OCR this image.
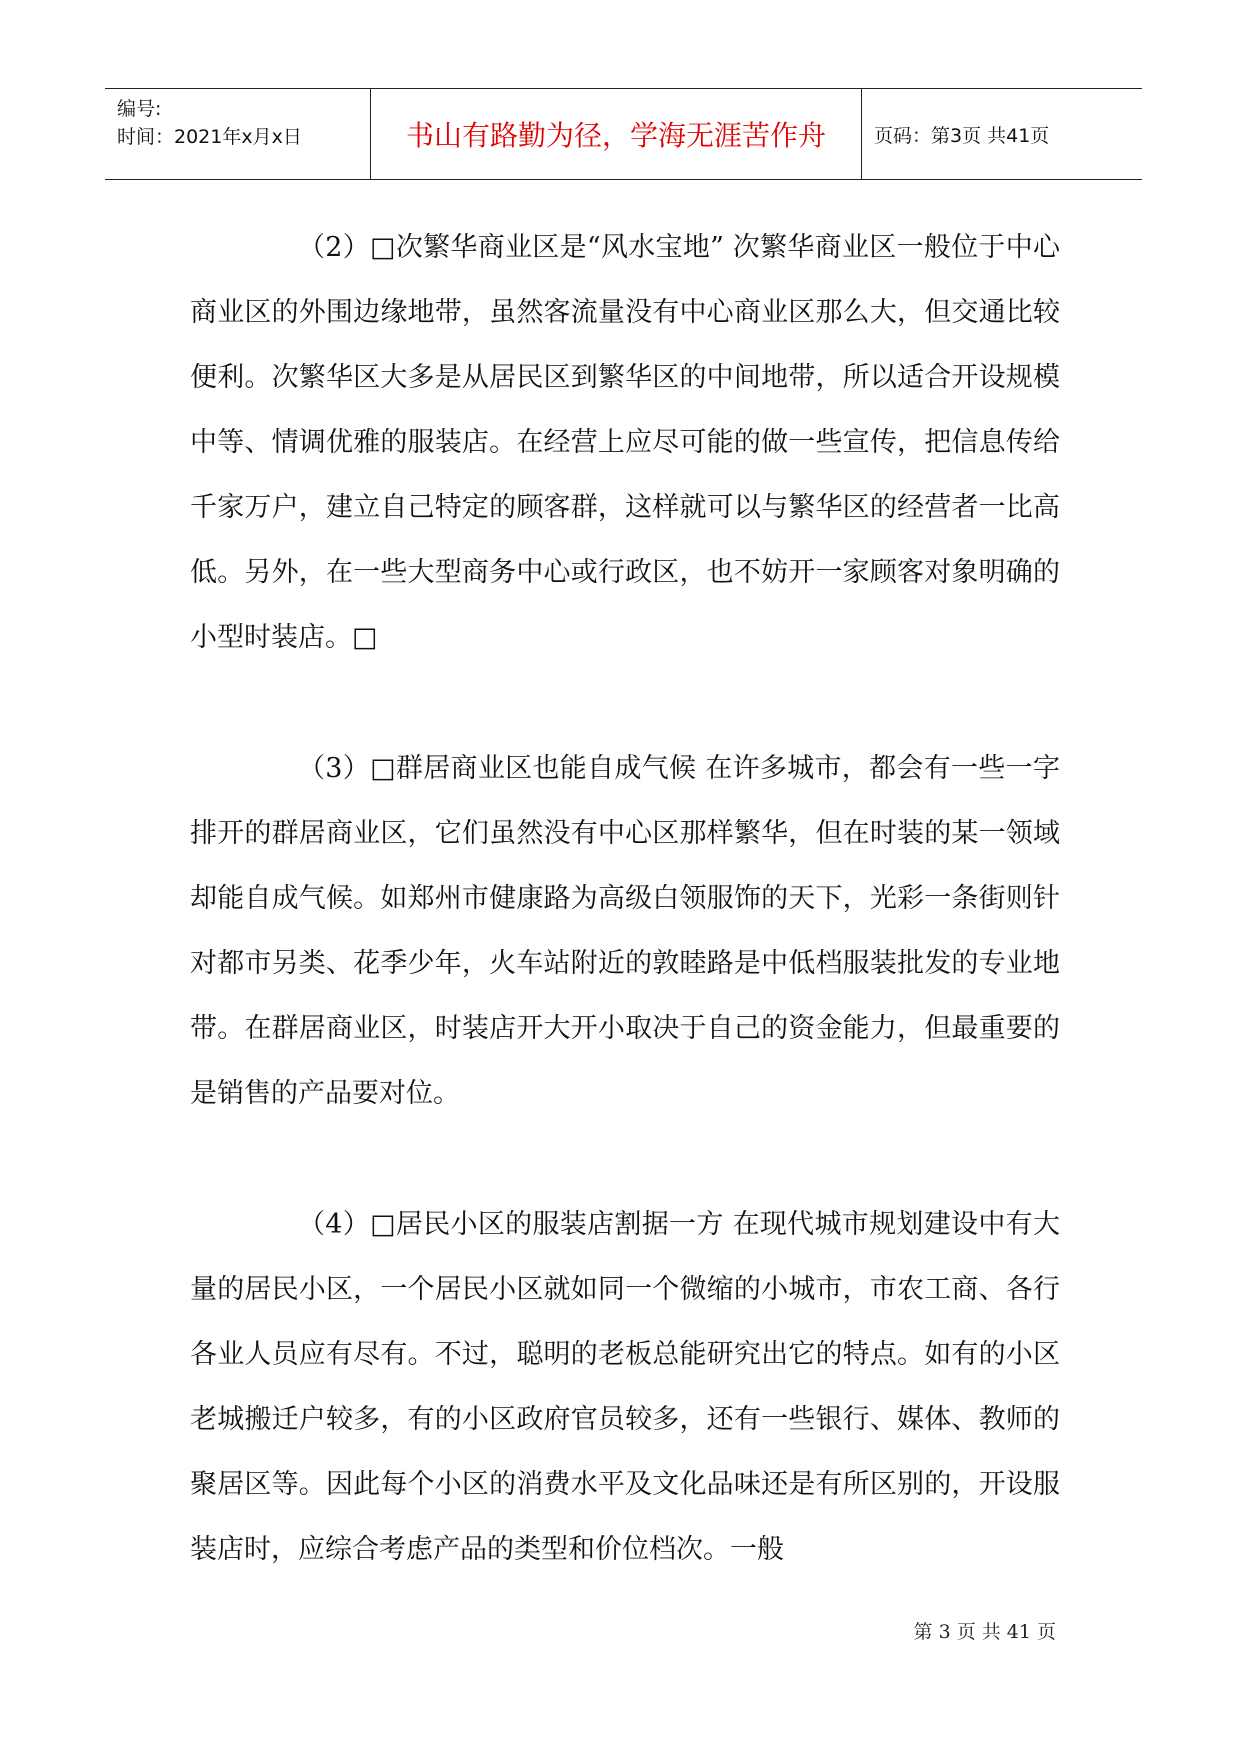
编号:
时间：2021年x月x日	书山有路勤为径，学海无涯苦作舟	页码：第3页 共41页

（2）□次繁华商业区是“风水宝地” 次繁华商业区一般位于中心商业区的外围边缘地带，虽然客流量没有中心商业区那么大，但交通比较便利。次繁华区大多是从居民区到繁华区的中间地带，所以适合开设规模中等、情调优雅的服装店。在经营上应尽可能的做一些宣传，把信息传给千家万户，建立自己特定的顾客群，这样就可以与繁华区的经营者一比高低。另外，在一些大型商务中心或行政区，也不妨开一家顾客对象明确的小型时装店。□

（3）□群居商业区也能自成气候 在许多城市，都会有一些一字排开的群居商业区，它们虽然没有中心区那样繁华，但在时装的某一领域却能自成气候。如郑州市健康路为高级白领服饰的天下，光彩一条街则针对都市另类、花季少年，火车站附近的敦睦路是中低档服装批发的专业地带。在群居商业区，时装店开大开小取决于自己的资金能力，但最重要的是销售的产品要对位。

（4）□居民小区的服装店割据一方 在现代城市规划建设中有大量的居民小区，一个居民小区就如同一个微缩的小城市，市农工商、各行各业人员应有尽有。不过，聪明的老板总能研究出它的特点。如有的小区老城搬迁户较多，有的小区政府官员较多，还有一些银行、媒体、教师的聚居区等。因此每个小区的消费水平及文化品味还是有所区别的，开设服装店时，应综合考虑产品的类型和价位档次。一般

第 3 页 共 41 页
